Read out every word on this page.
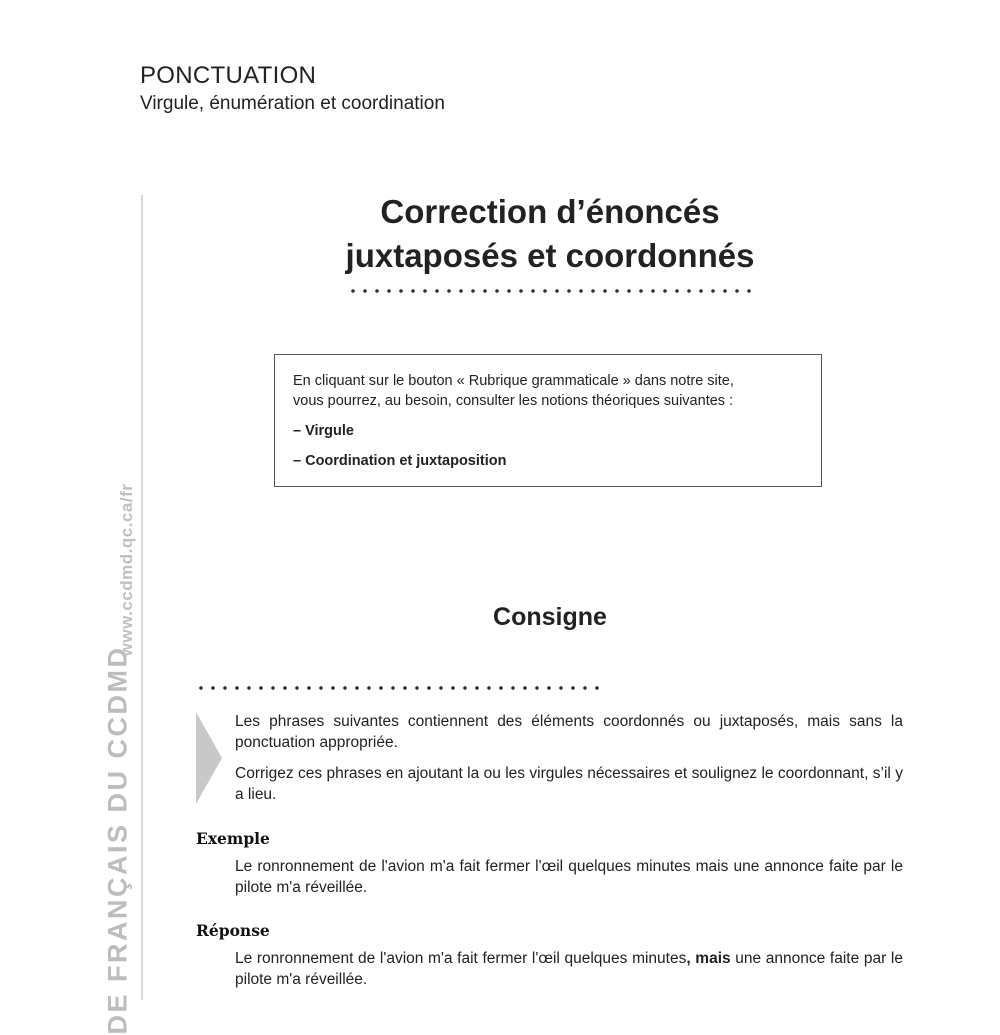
PONCTUATION
Virgule, énumération et coordination
Correction d’énoncés
juxtaposés et coordonnés
En cliquant sur le bouton « Rubrique grammaticale » dans notre site,
vous pourrez, au besoin, consulter les notions théoriques suivantes :
– Virgule
– Coordination et juxtaposition
www.ccdmd.qc.ca/fr
DE FRANÇAIS DU CCDMD
Consigne
Les phrases suivantes contiennent des éléments coordonnés ou juxtaposés, mais sans la ponctuation appropriée.
Corrigez ces phrases en ajoutant la ou les virgules nécessaires et soulignez le coordonnant, s’il y a lieu.
Exemple
Le ronronnement de l'avion m'a fait fermer l'œil quelques minutes mais une annonce faite par le pilote m'a réveillée.
Réponse
Le ronronnement de l'avion m'a fait fermer l'œil quelques minutes, mais une annonce faite par le pilote m'a réveillée.
